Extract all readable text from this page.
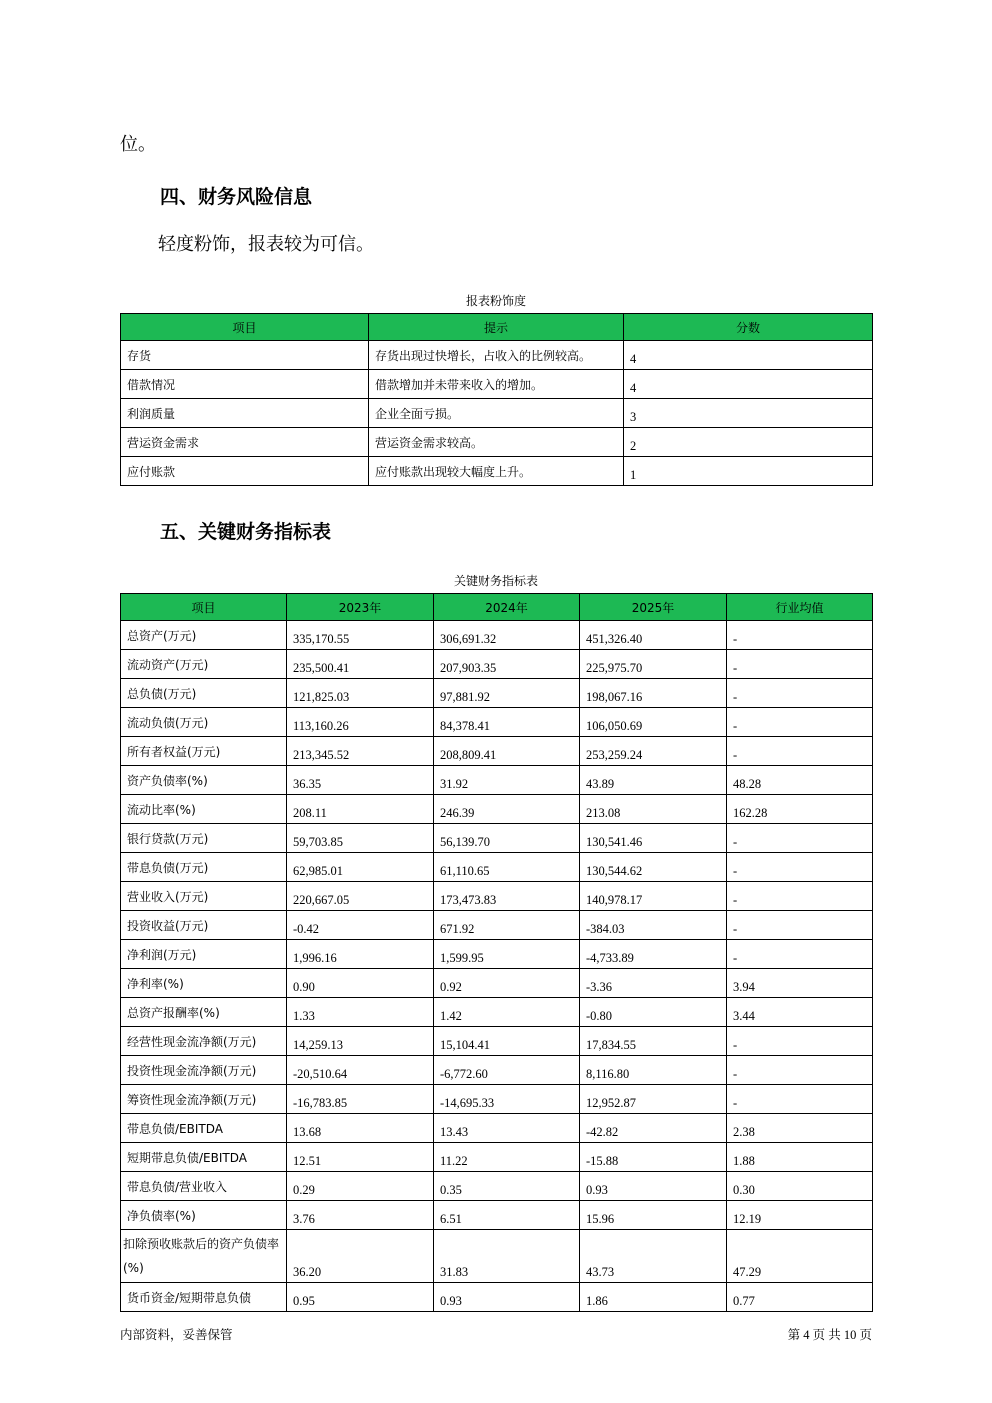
位。
四、财务风险信息
轻度粉饰，报表较为可信。
报表粉饰度
项目	提示	分数
存货	存货出现过快增长，占收入的比例较高。	4
借款情况	借款增加并未带来收入的增加。	4
利润质量	企业全面亏损。	3
营运资金需求	营运资金需求较高。	2
应付账款	应付账款出现较大幅度上升。	1
五、关键财务指标表
关键财务指标表
项目	2023年	2024年	2025年	行业均值
总资产(万元)	335,170.55	306,691.32	451,326.40	-
流动资产(万元)	235,500.41	207,903.35	225,975.70	-
总负债(万元)	121,825.03	97,881.92	198,067.16	-
流动负债(万元)	113,160.26	84,378.41	106,050.69	-
所有者权益(万元)	213,345.52	208,809.41	253,259.24	-
资产负债率(%)	36.35	31.92	43.89	48.28
流动比率(%)	208.11	246.39	213.08	162.28
银行贷款(万元)	59,703.85	56,139.70	130,541.46	-
带息负债(万元)	62,985.01	61,110.65	130,544.62	-
营业收入(万元)	220,667.05	173,473.83	140,978.17	-
投资收益(万元)	-0.42	671.92	-384.03	-
净利润(万元)	1,996.16	1,599.95	-4,733.89	-
净利率(%)	0.90	0.92	-3.36	3.94
总资产报酬率(%)	1.33	1.42	-0.80	3.44
经营性现金流净额(万元)	14,259.13	15,104.41	17,834.55	-
投资性现金流净额(万元)	-20,510.64	-6,772.60	8,116.80	-
筹资性现金流净额(万元)	-16,783.85	-14,695.33	12,952.87	-
带息负债/EBITDA	13.68	13.43	-42.82	2.38
短期带息负债/EBITDA	12.51	11.22	-15.88	1.88
带息负债/营业收入	0.29	0.35	0.93	0.30
净负债率(%)	3.76	6.51	15.96	12.19
扣除预收账款后的资产负债率(%)	36.20	31.83	43.73	47.29
货币资金/短期带息负债	0.95	0.93	1.86	0.77
内部资料，妥善保管	第 4 页 共 10 页
